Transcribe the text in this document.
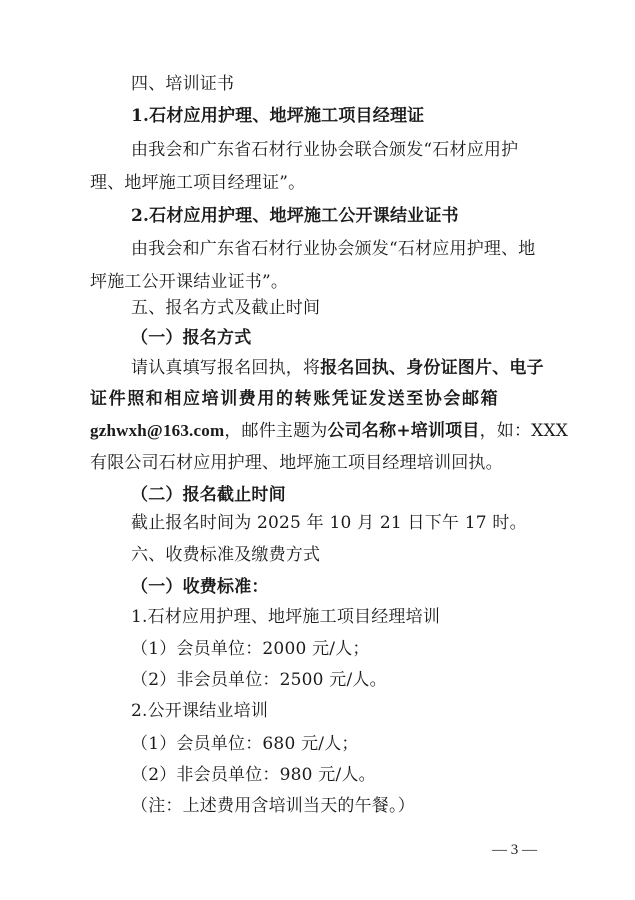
四、培训证书
1.石材应用护理、地坪施工项目经理证
由我会和广东省石材行业协会联合颁发“石材应用护
理、地坪施工项目经理证”。
2.石材应用护理、地坪施工公开课结业证书
由我会和广东省石材行业协会颁发“石材应用护理、地
坪施工公开课结业证书”。
五、报名方式及截止时间
（一）报名方式
请认真填写报名回执，将报名回执、身份证图片、电子
证件照和相应培训费用的转账凭证发送至协会邮箱
gzhwxh@163.com，邮件主题为公司名称+培训项目，如：XXX
有限公司石材应用护理、地坪施工项目经理培训回执。
（二）报名截止时间
截止报名时间为 2025 年 10 月 21 日下午 17 时。
六、收费标准及缴费方式
（一）收费标准：
1.石材应用护理、地坪施工项目经理培训
（1）会员单位：2000 元/人；
（2）非会员单位：2500 元/人。
2.公开课结业培训
（1）会员单位：680 元/人；
（2）非会员单位：980 元/人。
（注：上述费用含培训当天的午餐。）
— 3 —
